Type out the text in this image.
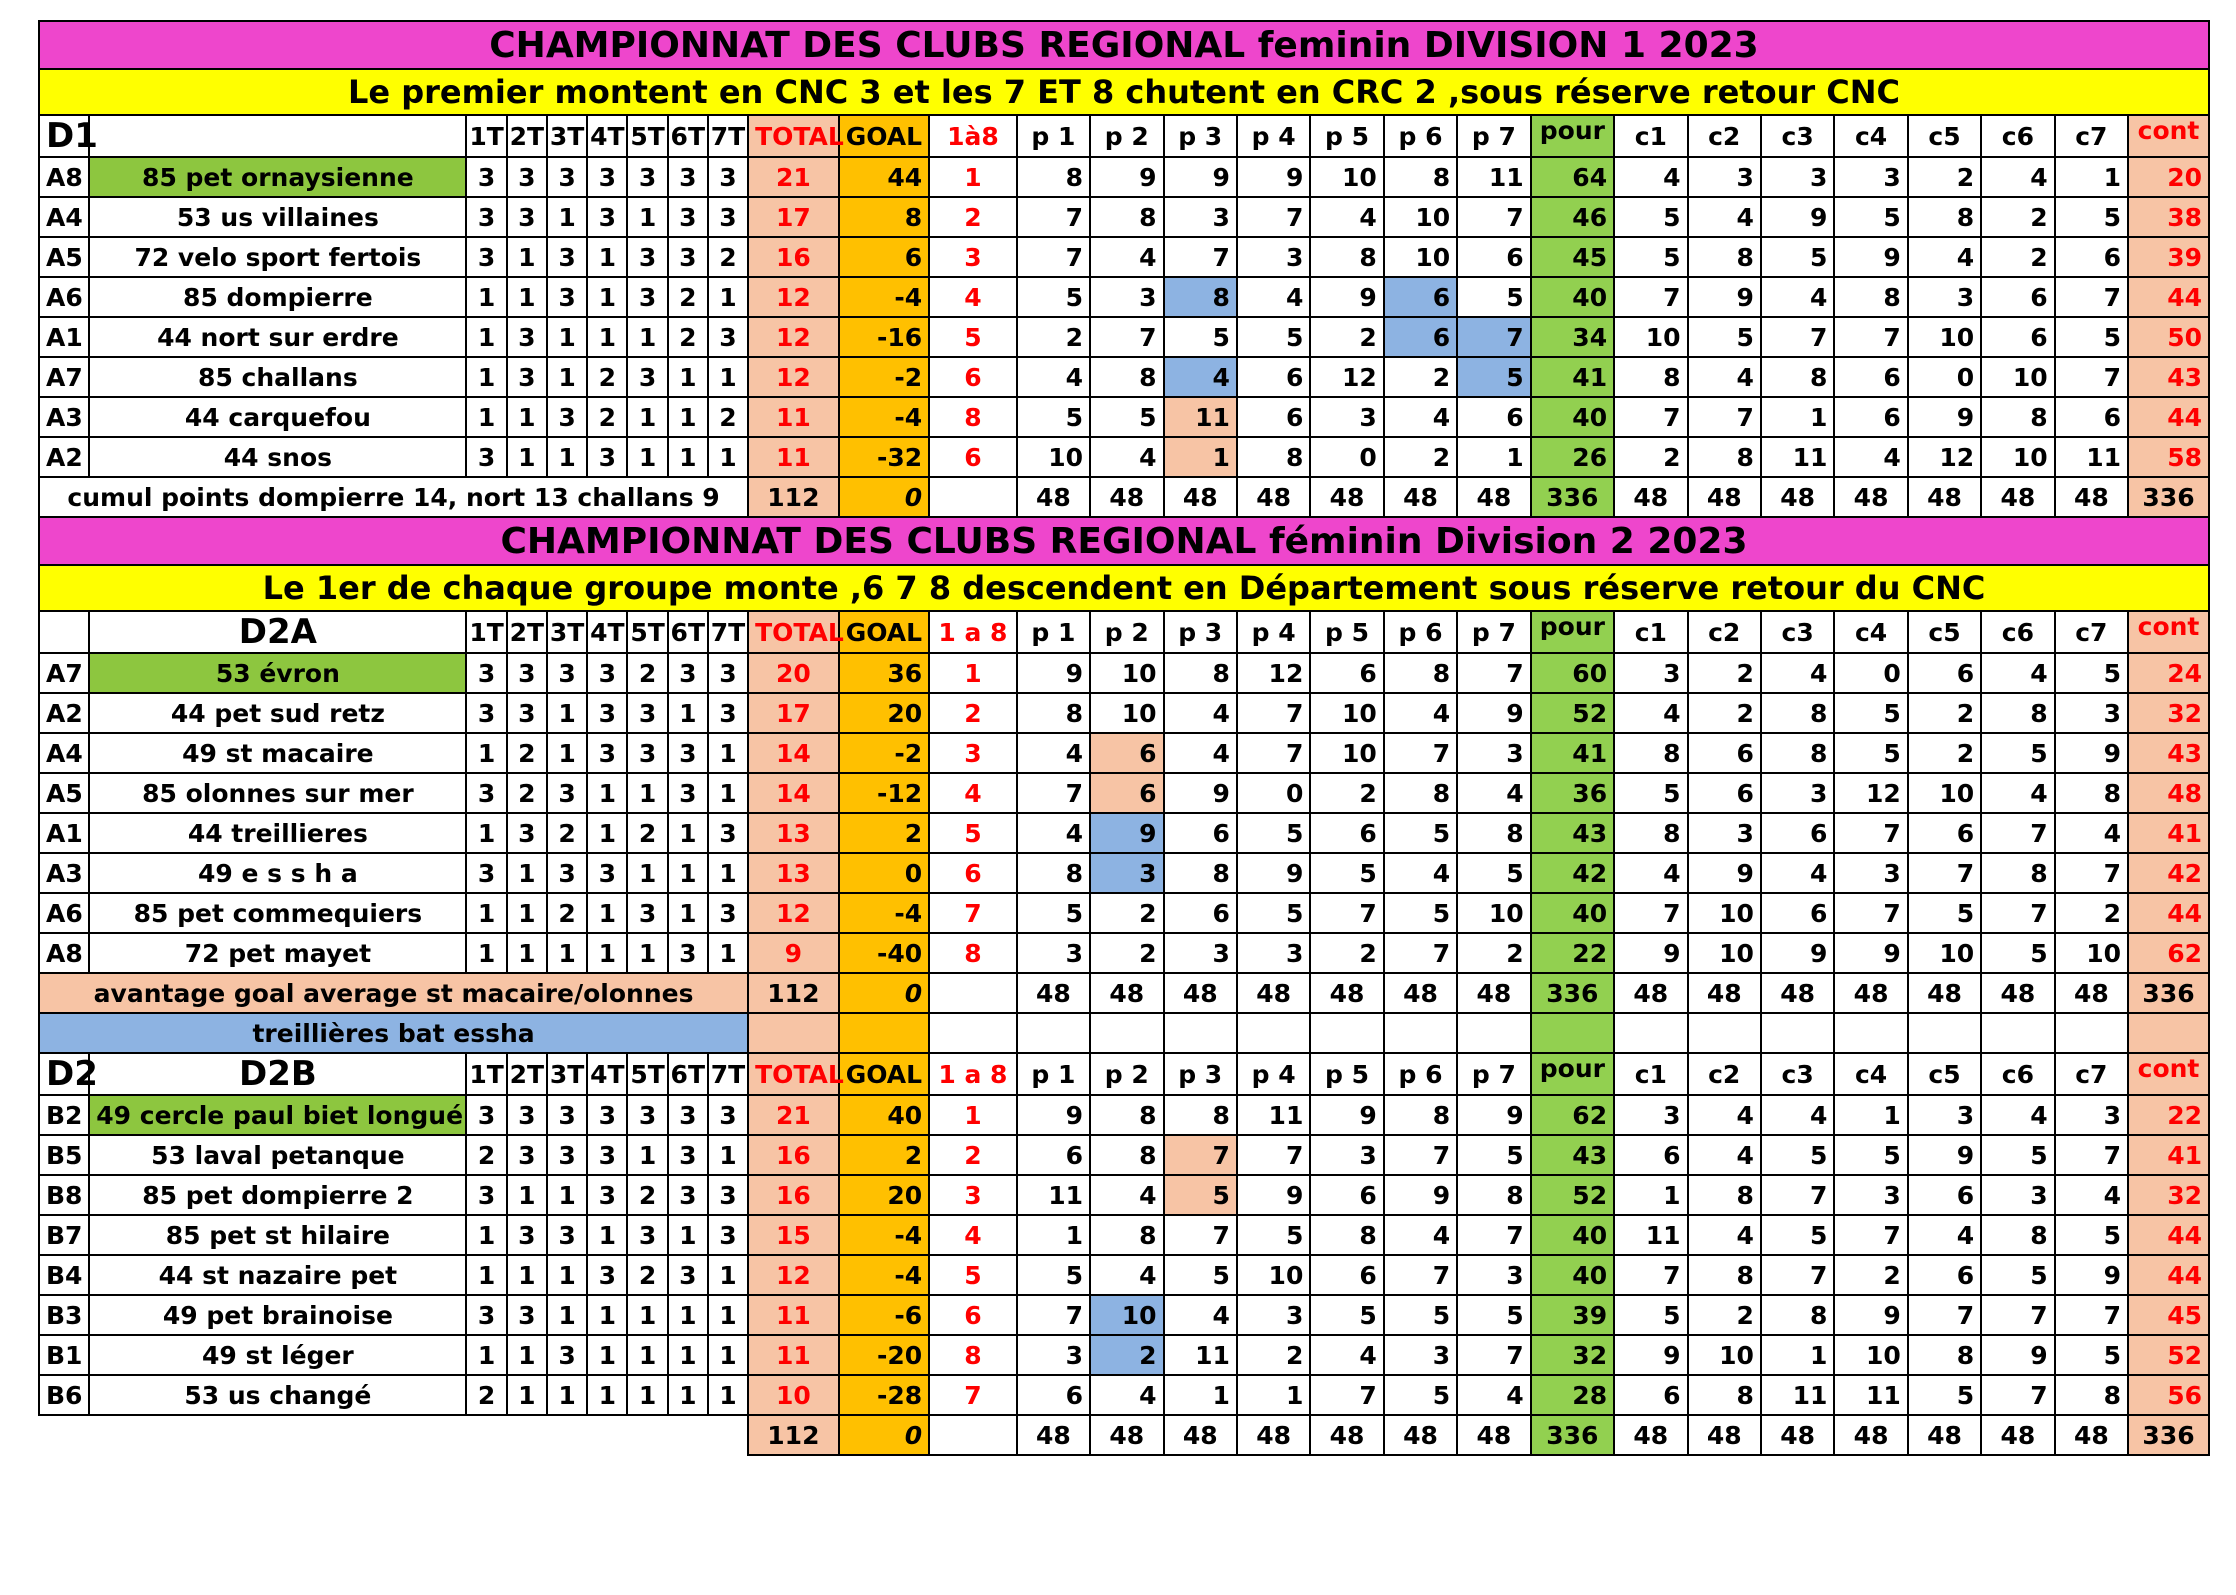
CHAMPIONNAT DES CLUBS REGIONAL feminin DIVISION 1 2023																											
Le premier montent en CNC 3 et les 7 ET 8 chutent en CRC 2 ,sous réserve retour CNC																											
D1		1T	2T	3T	4T	5T	6T	7T	TOTAL	GOAL	1à8	p 1	p 2	p 3	p 4	p 5	p 6	p 7	pour	c1	c2	c3	c4	c5	c6	c7	cont
A8	85 pet ornaysienne	3	3	3	3	3	3	3	21	44	1	8	9	9	9	10	8	11	64	4	3	3	3	2	4	1	20
A4	53 us villaines	3	3	1	3	1	3	3	17	8	2	7	8	3	7	4	10	7	46	5	4	9	5	8	2	5	38
A5	72 velo sport fertois	3	1	3	1	3	3	2	16	6	3	7	4	7	3	8	10	6	45	5	8	5	9	4	2	6	39
A6	85 dompierre	1	1	3	1	3	2	1	12	-4	4	5	3	8	4	9	6	5	40	7	9	4	8	3	6	7	44
A1	44 nort sur erdre	1	3	1	1	1	2	3	12	-16	5	2	7	5	5	2	6	7	34	10	5	7	7	10	6	5	50
A7	85 challans	1	3	1	2	3	1	1	12	-2	6	4	8	4	6	12	2	5	41	8	4	8	6	0	10	7	43
A3	44 carquefou	1	1	3	2	1	1	2	11	-4	8	5	5	11	6	3	4	6	40	7	7	1	6	9	8	6	44
A2	44 snos	3	1	1	3	1	1	1	11	-32	6	10	4	1	8	0	2	1	26	2	8	11	4	12	10	11	58
cumul points dompierre 14, nort 13 challans 9									112	0		48	48	48	48	48	48	48	336	48	48	48	48	48	48	48	336
CHAMPIONNAT DES CLUBS REGIONAL féminin Division 2 2023																											
Le 1er de chaque groupe monte ,6 7 8 descendent en Département sous réserve retour du CNC																											
	D2A	1T	2T	3T	4T	5T	6T	7T	TOTAL	GOAL	1 a 8	p 1	p 2	p 3	p 4	p 5	p 6	p 7	pour	c1	c2	c3	c4	c5	c6	c7	cont
A7	53 évron	3	3	3	3	2	3	3	20	36	1	9	10	8	12	6	8	7	60	3	2	4	0	6	4	5	24
A2	44 pet sud retz	3	3	1	3	3	1	3	17	20	2	8	10	4	7	10	4	9	52	4	2	8	5	2	8	3	32
A4	49 st macaire	1	2	1	3	3	3	1	14	-2	3	4	6	4	7	10	7	3	41	8	6	8	5	2	5	9	43
A5	85 olonnes sur mer	3	2	3	1	1	3	1	14	-12	4	7	6	9	0	2	8	4	36	5	6	3	12	10	4	8	48
A1	44 treillieres	1	3	2	1	2	1	3	13	2	5	4	9	6	5	6	5	8	43	8	3	6	7	6	7	4	41
A3	49 e s s h a	3	1	3	3	1	1	1	13	0	6	8	3	8	9	5	4	5	42	4	9	4	3	7	8	7	42
A6	85 pet commequiers	1	1	2	1	3	1	3	12	-4	7	5	2	6	5	7	5	10	40	7	10	6	7	5	7	2	44
A8	72 pet mayet	1	1	1	1	1	3	1	9	-40	8	3	2	3	3	2	7	2	22	9	10	9	9	10	5	10	62
avantage goal average st macaire/olonnes									112	0		48	48	48	48	48	48	48	336	48	48	48	48	48	48	48	336
treillières bat essha																											
D2	D2B	1T	2T	3T	4T	5T	6T	7T	TOTAL	GOAL	1 a 8	p 1	p 2	p 3	p 4	p 5	p 6	p 7	pour	c1	c2	c3	c4	c5	c6	c7	cont
B2	49 cercle paul biet longué	3	3	3	3	3	3	3	21	40	1	9	8	8	11	9	8	9	62	3	4	4	1	3	4	3	22
B5	53 laval petanque	2	3	3	3	1	3	1	16	2	2	6	8	7	7	3	7	5	43	6	4	5	5	9	5	7	41
B8	85 pet dompierre 2	3	1	1	3	2	3	3	16	20	3	11	4	5	9	6	9	8	52	1	8	7	3	6	3	4	32
B7	85 pet st hilaire	1	3	3	1	3	1	3	15	-4	4	1	8	7	5	8	4	7	40	11	4	5	7	4	8	5	44
B4	44 st nazaire pet	1	1	1	3	2	3	1	12	-4	5	5	4	5	10	6	7	3	40	7	8	7	2	6	5	9	44
B3	49 pet brainoise	3	3	1	1	1	1	1	11	-6	6	7	10	4	3	5	5	5	39	5	2	8	9	7	7	7	45
B1	49 st léger	1	1	3	1	1	1	1	11	-20	8	3	2	11	2	4	3	7	32	9	10	1	10	8	9	5	52
B6	53 us changé	2	1	1	1	1	1	1	10	-28	7	6	4	1	1	7	5	4	28	6	8	11	11	5	7	8	56
									112	0		48	48	48	48	48	48	48	336	48	48	48	48	48	48	48	336
